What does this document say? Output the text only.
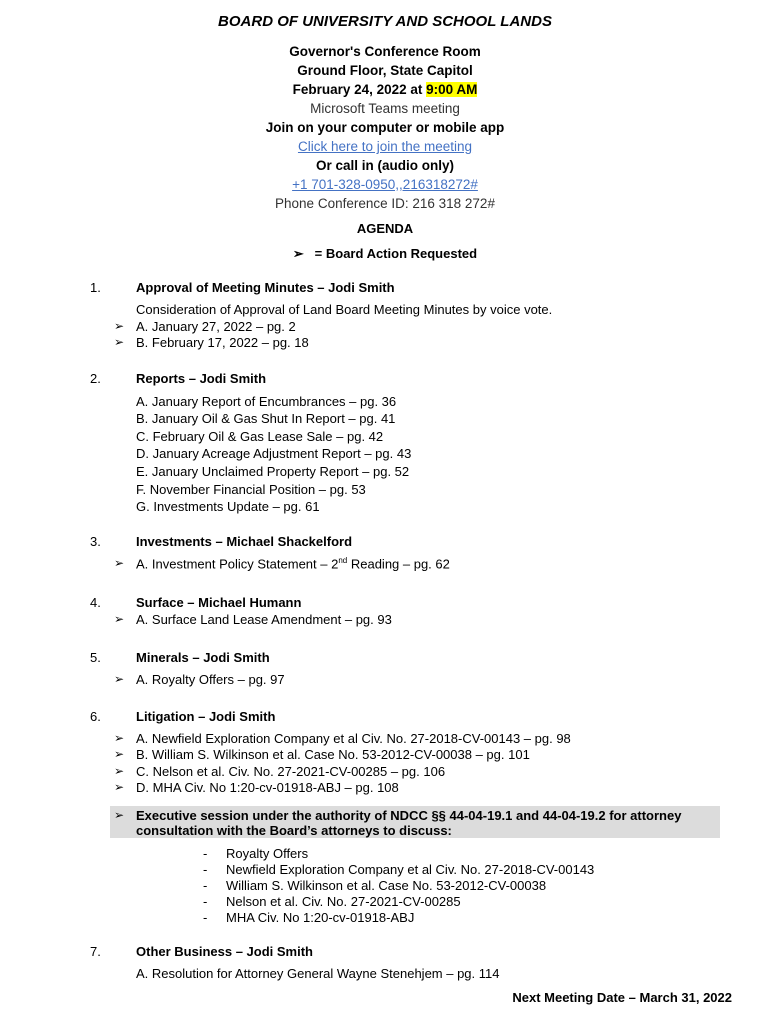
BOARD OF UNIVERSITY AND SCHOOL LANDS
Governor's Conference Room
Ground Floor, State Capitol
February 24, 2022 at 9:00 AM
Microsoft Teams meeting
Join on your computer or mobile app
Click here to join the meeting
Or call in (audio only)
+1 701-328-0950,,216318272#
Phone Conference ID: 216 318 272#
AGENDA
➢ = Board Action Requested
1.	Approval of Meeting Minutes – Jodi Smith
Consideration of Approval of Land Board Meeting Minutes by voice vote.
➢ A. January 27, 2022 – pg. 2
➢ B. February 17, 2022 – pg. 18
2.	Reports – Jodi Smith
A. January Report of Encumbrances – pg. 36
B. January Oil & Gas Shut In Report – pg. 41
C. February Oil & Gas Lease Sale – pg. 42
D. January Acreage Adjustment Report – pg. 43
E. January Unclaimed Property Report – pg. 52
F. November Financial Position – pg. 53
G. Investments Update – pg. 61
3.	Investments – Michael Shackelford
➢ A. Investment Policy Statement – 2nd Reading – pg. 62
4.	Surface – Michael Humann
➢ A. Surface Land Lease Amendment – pg. 93
5.	Minerals – Jodi Smith
➢ A. Royalty Offers – pg. 97
6.	Litigation – Jodi Smith
➢ A. Newfield Exploration Company et al Civ. No. 27-2018-CV-00143 – pg. 98
➢ B. William S. Wilkinson et al. Case No. 53-2012-CV-00038 – pg. 101
➢ C. Nelson et al. Civ. No. 27-2021-CV-00285 – pg. 106
➢ D. MHA Civ. No 1:20-cv-01918-ABJ – pg. 108
➢ Executive session under the authority of NDCC §§ 44-04-19.1 and 44-04-19.2 for attorney
consultation with the Board’s attorneys to discuss:
- Royalty Offers
- Newfield Exploration Company et al Civ. No. 27-2018-CV-00143
- William S. Wilkinson et al. Case No. 53-2012-CV-00038
- Nelson et al. Civ. No. 27-2021-CV-00285
- MHA Civ. No 1:20-cv-01918-ABJ
7.	Other Business – Jodi Smith
A. Resolution for Attorney General Wayne Stenehjem – pg. 114
Next Meeting Date – March 31, 2022
